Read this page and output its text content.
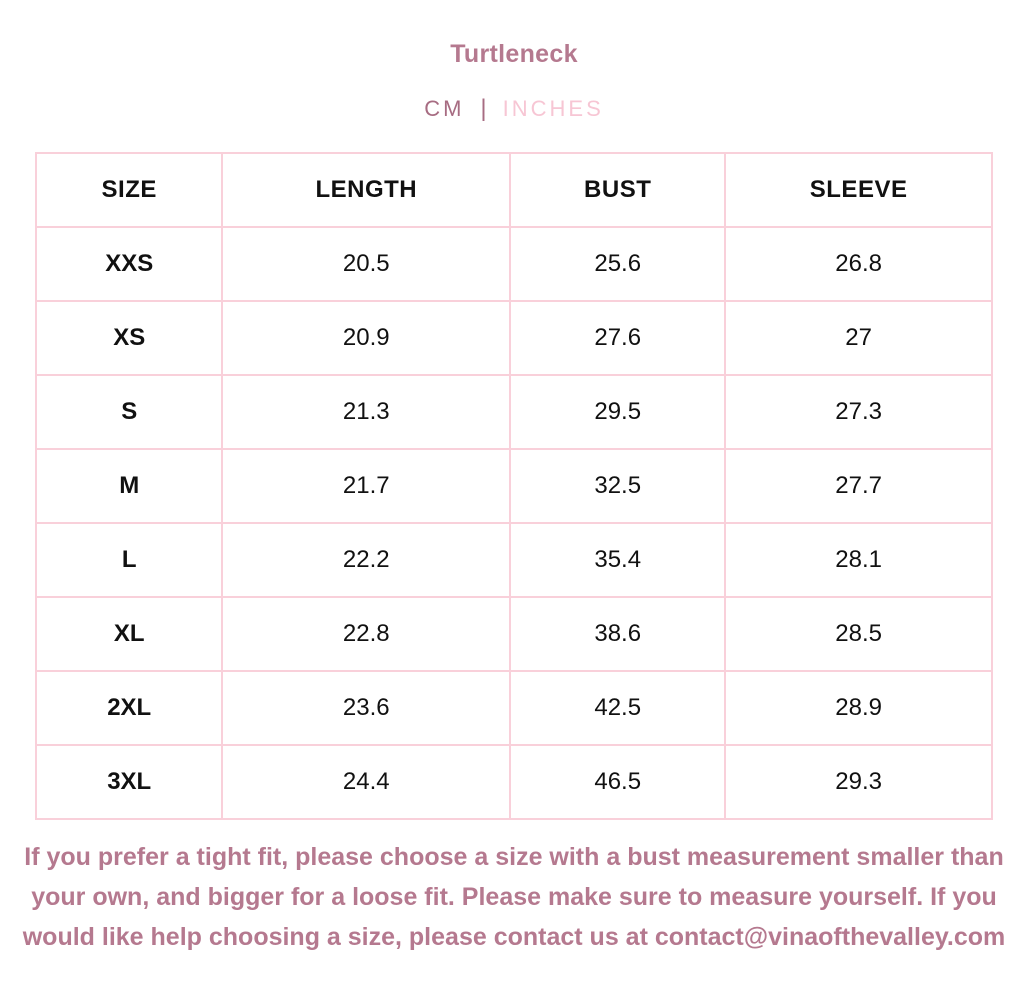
Turtleneck
CM | INCHES
SIZE	LENGTH	BUST	SLEEVE
XXS	20.5	25.6	26.8
XS	20.9	27.6	27
S	21.3	29.5	27.3
M	21.7	32.5	27.7
L	22.2	35.4	28.1
XL	22.8	38.6	28.5
2XL	23.6	42.5	28.9
3XL	24.4	46.5	29.3

If you prefer a tight fit, please choose a size with a bust measurement smaller than your own, and bigger for a loose fit. Please make sure to measure yourself. If you would like help choosing a size, please contact us at contact@vinaofthevalley.com
